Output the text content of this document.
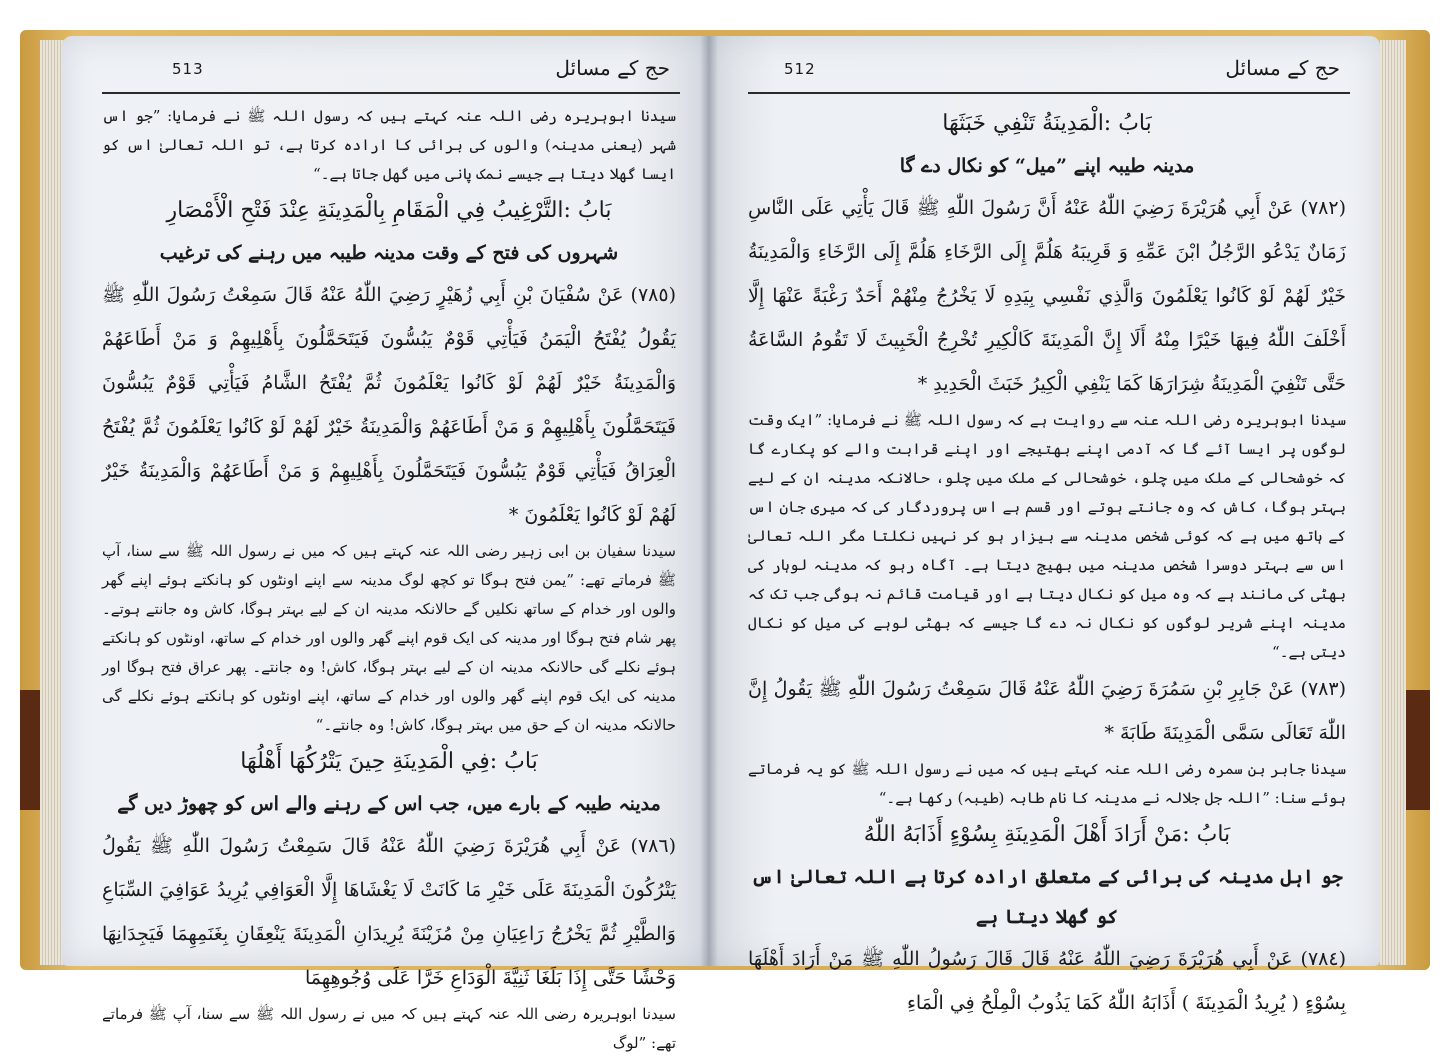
513	حج کے مسائل

سیدنا ابوہریرہ رضی اللہ عنہ کہتے ہیں کہ رسول اللہ ﷺ نے فرمایا: ”جو اس شہر (یعنی مدینہ) والوں کی برائی کا ارادہ کرتا ہے، تو اللہ تعالیٰ اس کو ایسا گھلا دیتا ہے جیسے نمک پانی میں گھل جاتا ہے۔“

بَابُ :التَّرْغِيبُ فِي الْمَقَامِ بِالْمَدِينَةِ عِنْدَ فَتْحِ الْأَمْصَارِ

شہروں کی فتح کے وقت مدینہ طیبہ میں رہنے کی ترغیب

(٧٨٥) عَنْ سُفْيَانَ بْنِ أَبِي زُهَيْرٍ رَضِيَ اللّٰهُ عَنْهُ قَالَ سَمِعْتُ رَسُولَ اللّٰهِ ﷺ يَقُولُ يُفْتَحُ الْيَمَنُ فَيَأْتِي قَوْمٌ يَبُسُّونَ فَيَتَحَمَّلُونَ بِأَهْلِيهِمْ وَ مَنْ أَطَاعَهُمْ وَالْمَدِينَةُ خَيْرٌ لَهُمْ لَوْ كَانُوا يَعْلَمُونَ ثُمَّ يُفْتَحُ الشَّامُ فَيَأْتِي قَوْمٌ يَبُسُّونَ فَيَتَحَمَّلُونَ بِأَهْلِيهِمْ وَ مَنْ أَطَاعَهُمْ وَالْمَدِينَةُ خَيْرٌ لَهُمْ لَوْ كَانُوا يَعْلَمُونَ ثُمَّ يُفْتَحُ الْعِرَاقُ فَيَأْتِي قَوْمٌ يَبُسُّونَ فَيَتَحَمَّلُونَ بِأَهْلِيهِمْ وَ مَنْ أَطَاعَهُمْ وَالْمَدِينَةُ خَيْرٌ لَهُمْ لَوْ كَانُوا يَعْلَمُونَ *

سیدنا سفیان بن ابی زہیر رضی اللہ عنہ کہتے ہیں کہ میں نے رسول اللہ ﷺ سے سنا، آپ ﷺ فرماتے تھے: ”یمن فتح ہوگا تو کچھ لوگ مدینہ سے اپنے اونٹوں کو ہانکتے ہوئے اپنے گھر والوں اور خدام کے ساتھ نکلیں گے حالانکہ مدینہ ان کے لیے بہتر ہوگا، کاش وہ جانتے ہوتے۔ پھر شام فتح ہوگا اور مدینہ کی ایک قوم اپنے گھر والوں اور خدام کے ساتھ، اونٹوں کو ہانکتے ہوئے نکلے گی حالانکہ مدینہ ان کے لیے بہتر ہوگا، کاش! وہ جانتے۔ پھر عراق فتح ہوگا اور مدینہ کی ایک قوم اپنے گھر والوں اور خدام کے ساتھ، اپنے اونٹوں کو ہانکتے ہوئے نکلے گی حالانکہ مدینہ ان کے حق میں بہتر ہوگا، کاش! وہ جانتے۔“

بَابُ :فِي الْمَدِينَةِ حِينَ يَتْرُكُهَا أَهْلُهَا

مدینہ طیبہ کے بارے میں، جب اس کے رہنے والے اس کو چھوڑ دیں گے

(٧٨٦) عَنْ أَبِي هُرَيْرَةَ رَضِيَ اللّٰهُ عَنْهُ قَالَ سَمِعْتُ رَسُولَ اللّٰهِ ﷺ يَقُولُ يَتْرُكُونَ الْمَدِينَةَ عَلَى خَيْرِ مَا كَانَتْ لَا يَغْشَاهَا إِلَّا الْعَوَافِي يُرِيدُ عَوَافِيَ السِّبَاعِ وَالطَّيْرِ ثُمَّ يَخْرُجُ رَاعِيَانِ مِنْ مُزَيْنَةَ يُرِيدَانِ الْمَدِينَةَ يَنْعِقَانِ بِغَنَمِهِمَا فَيَجِدَانِهَا وَحْشًا حَتَّى إِذَا بَلَغَا ثَنِيَّةَ الْوَدَاعِ خَرَّا عَلَى وُجُوهِهِمَا

سیدنا ابوہریرہ رضی اللہ عنہ کہتے ہیں کہ میں نے رسول اللہ ﷺ سے سنا، آپ ﷺ فرماتے تھے: ”لوگ

512	حج کے مسائل

بَابُ :الْمَدِينَةُ تَنْفِي خَبَثَهَا

مدینہ طیبہ اپنے ”میل“ کو نکال دے گا

(٧٨٢) عَنْ أَبِي هُرَيْرَةَ رَضِيَ اللّٰهُ عَنْهُ أَنَّ رَسُولَ اللّٰهِ ﷺ قَالَ يَأْتِي عَلَى النَّاسِ زَمَانٌ يَدْعُو الرَّجُلُ ابْنَ عَمِّهِ وَ قَرِيبَهُ هَلُمَّ إِلَى الرَّخَاءِ هَلُمَّ إِلَى الرَّخَاءِ وَالْمَدِينَةُ خَيْرٌ لَهُمْ لَوْ كَانُوا يَعْلَمُونَ وَالَّذِي نَفْسِي بِيَدِهِ لَا يَخْرُجُ مِنْهُمْ أَحَدٌ رَغْبَةً عَنْهَا إِلَّا أَخْلَفَ اللّٰهُ فِيهَا خَيْرًا مِنْهُ أَلَا إِنَّ الْمَدِينَةَ كَالْكِيرِ تُخْرِجُ الْخَبِيثَ لَا تَقُومُ السَّاعَةُ حَتَّى تَنْفِيَ الْمَدِينَةُ شِرَارَهَا كَمَا يَنْفِي الْكِيرُ خَبَثَ الْحَدِيدِ *

سیدنا ابوہریرہ رضی اللہ عنہ سے روایت ہے کہ رسول اللہ ﷺ نے فرمایا: ”ایک وقت لوگوں پر ایسا آئے گا کہ آدمی اپنے بھتیجے اور اپنے قرابت والے کو پکارے گا کہ خوشحالی کے ملک میں چلو، خوشحالی کے ملک میں چلو، حالانکہ مدینہ ان کے لیے بہتر ہوگا، کاش کہ وہ جانتے ہوتے اور قسم ہے اس پروردگار کی کہ میری جان اس کے ہاتھ میں ہے کہ کوئی شخص مدینہ سے بیزار ہو کر نہیں نکلتا مگر اللہ تعالیٰ اس سے بہتر دوسرا شخص مدینہ میں بھیج دیتا ہے۔ آگاہ رہو کہ مدینہ لوہار کی بھٹی کی مانند ہے کہ وہ میل کو نکال دیتا ہے اور قیامت قائم نہ ہوگی جب تک کہ مدینہ اپنے شریر لوگوں کو نکال نہ دے گا جیسے کہ بھٹی لوہے کی میل کو نکال دیتی ہے۔“

(٧٨٣) عَنْ جَابِرِ بْنِ سَمُرَةَ رَضِيَ اللّٰهُ عَنْهُ قَالَ سَمِعْتُ رَسُولَ اللّٰهِ ﷺ يَقُولُ إِنَّ اللّٰهَ تَعَالَى سَمَّى الْمَدِينَةَ طَابَةَ *

سیدنا جابر بن سمرہ رضی اللہ عنہ کہتے ہیں کہ میں نے رسول اللہ ﷺ کو یہ فرماتے ہوئے سنا: ”اللہ جل جلالہ نے مدینہ کا نام طابہ (طیبہ) رکھا ہے۔“

بَابُ :مَنْ أَرَادَ أَهْلَ الْمَدِينَةِ بِسُوْءٍ أَذَابَهُ اللّٰهُ

جو اہل مدینہ کی برائی کے متعلق ارادہ کرتا ہے اللہ تعالیٰ اس کو گھلا دیتا ہے

(٧٨٤) عَنْ أَبِي هُرَيْرَةَ رَضِيَ اللّٰهُ عَنْهُ قَالَ قَالَ رَسُولُ اللّٰهِ ﷺ مَنْ أَرَادَ أَهْلَهَا بِسُوْءٍ ( يُرِيدُ الْمَدِينَةَ ) أَذَابَهُ اللّٰهُ كَمَا يَذُوبُ الْمِلْحُ فِي الْمَاءِ
